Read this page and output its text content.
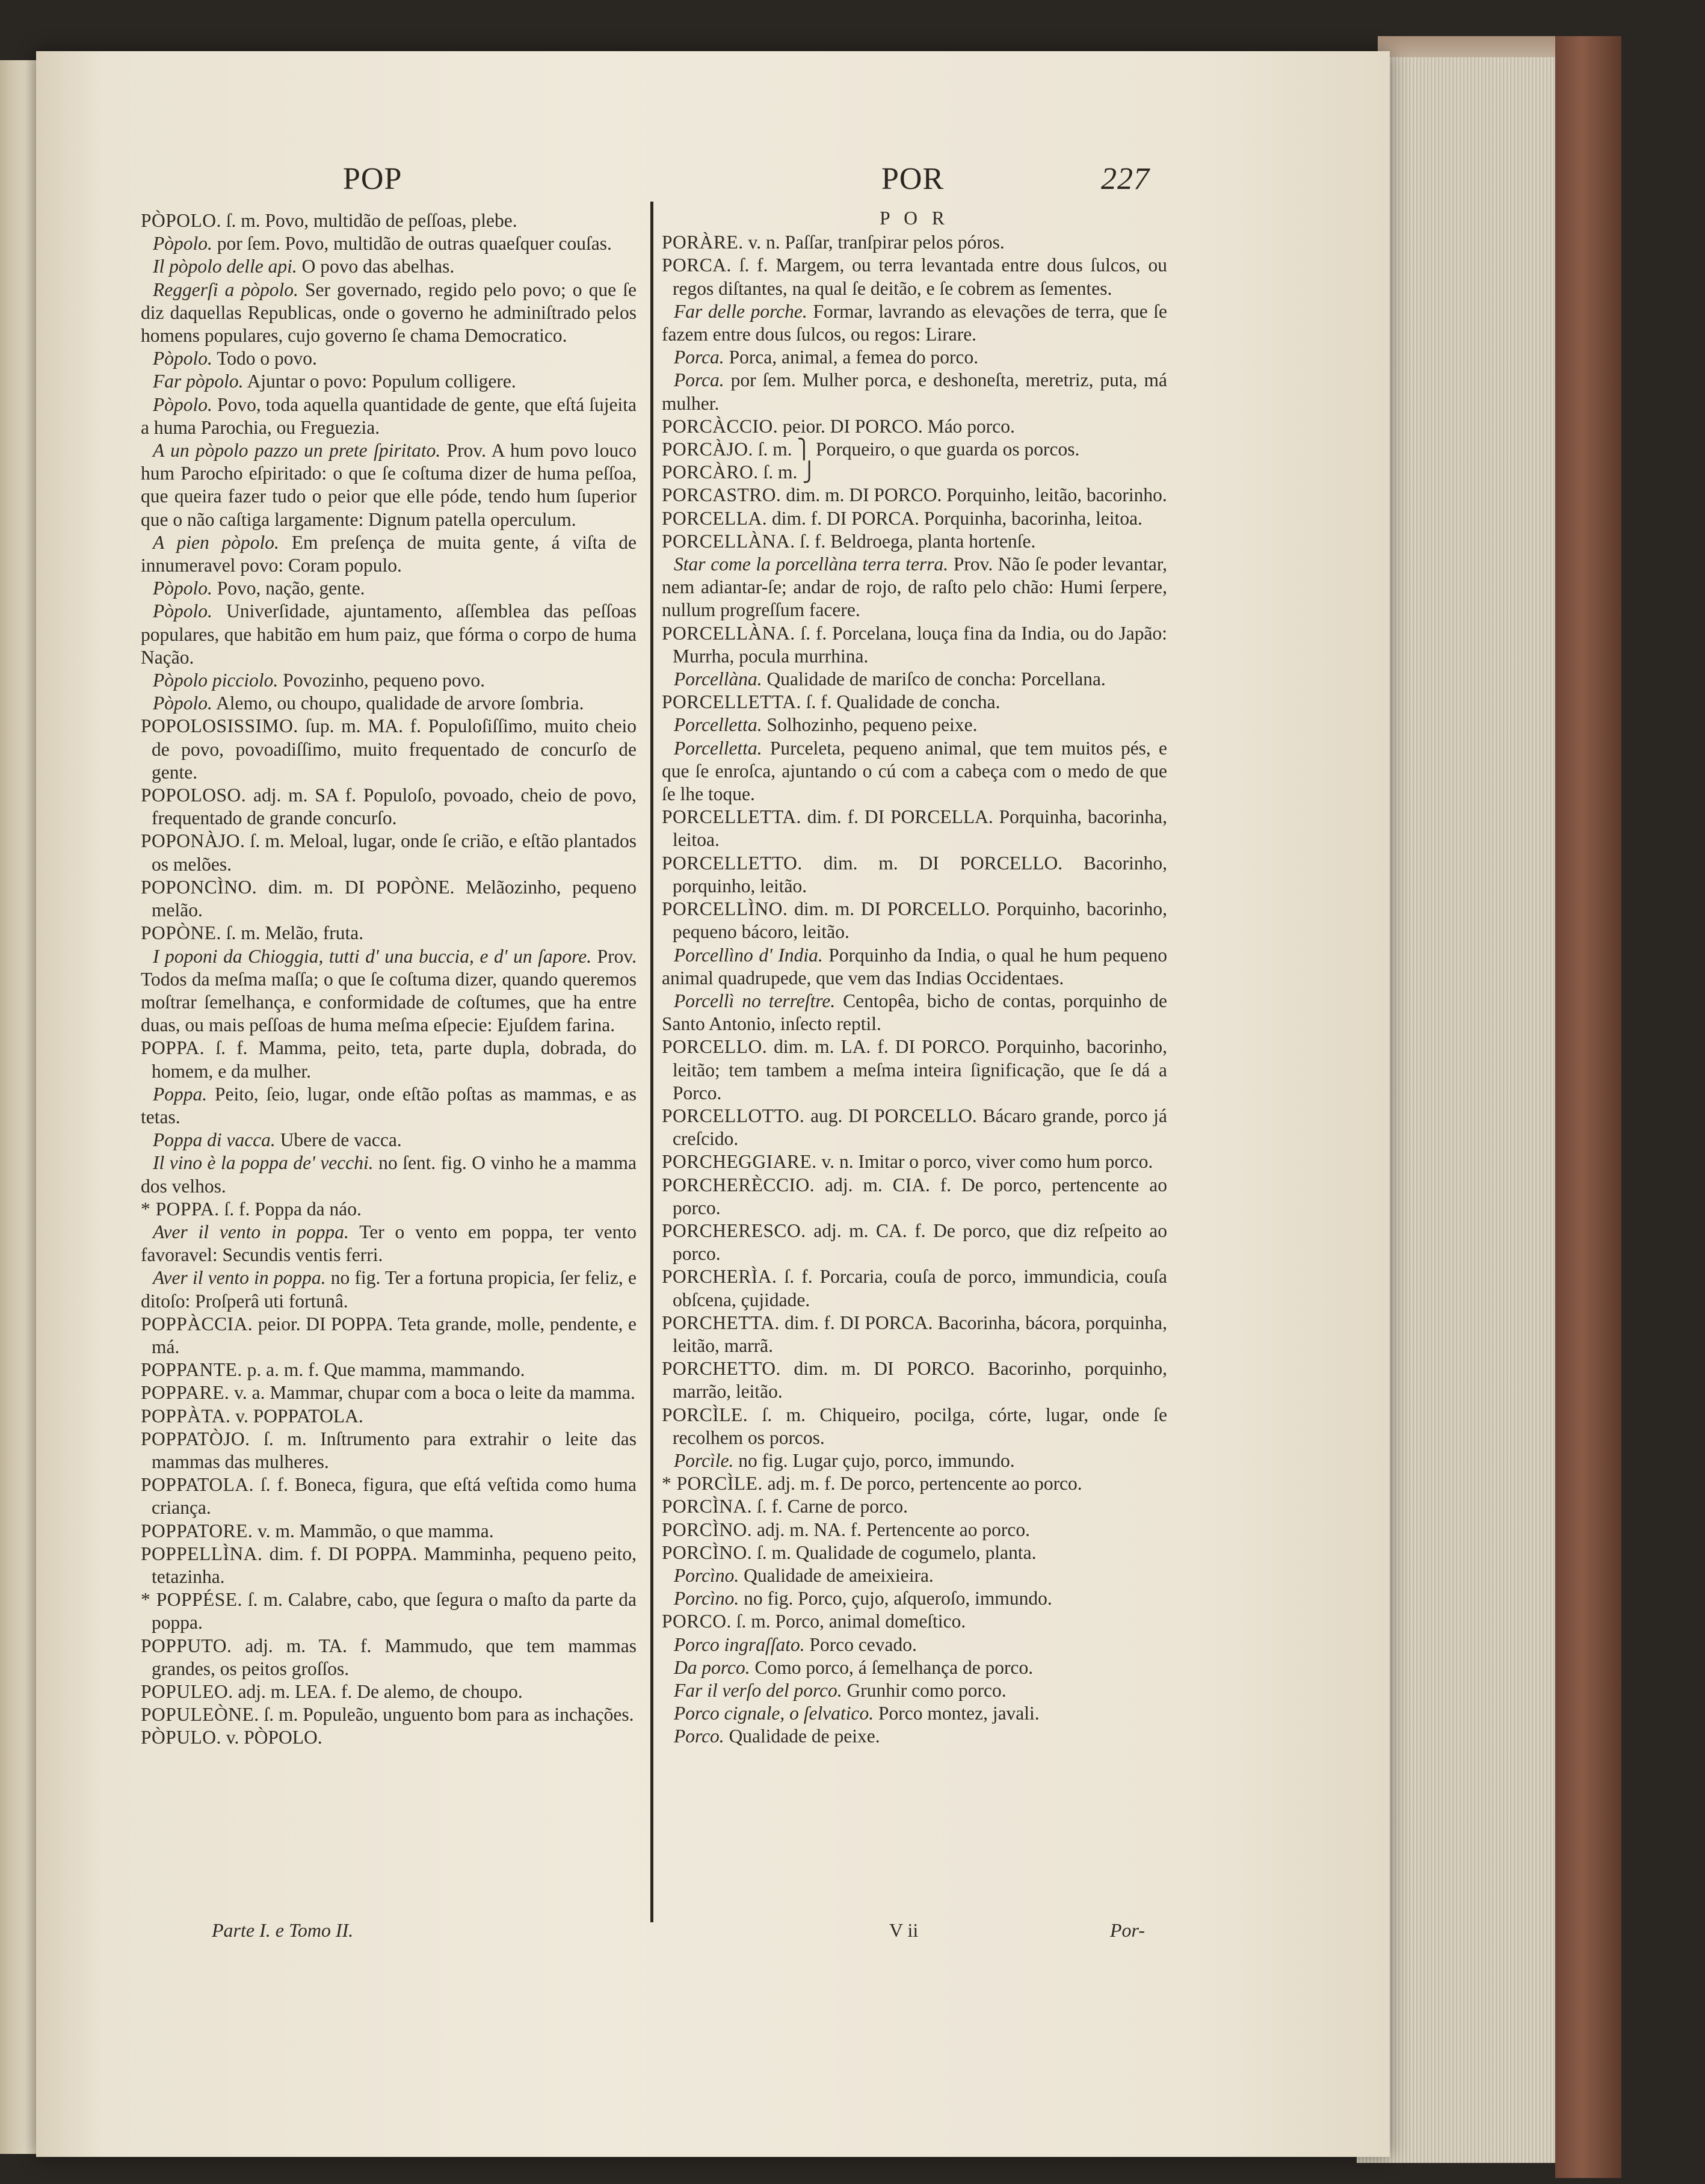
POP	POR	227

PÒPOLO. ſ. m. Povo, multidão de peſſoas, plebe.

Pòpolo. por ſem. Povo, multidão de outras quaeſquer couſas.

Il pòpolo delle api. O povo das abelhas.

Reggerſi a pòpolo. Ser governado, regido pelo povo; o que ſe diz daquellas Republicas, onde o governo he adminiſtrado pelos homens populares, cujo governo ſe chama Democratico.

Pòpolo. Todo o povo.

Far pòpolo. Ajuntar o povo: Populum colligere.

Pòpolo. Povo, toda aquella quantidade de gente, que eſtá ſujeita a huma Parochia, ou Freguezia.

A un pòpolo pazzo un prete ſpiritato. Prov. A hum povo louco hum Parocho eſpiritado: o que ſe coſtuma dizer de huma peſſoa, que queira fazer tudo o peior que elle póde, tendo hum ſuperior que o não caſtiga largamente: Dignum patella operculum.

A pien pòpolo. Em preſença de muita gente, á viſta de innumeravel povo: Coram populo.

Pòpolo. Povo, nação, gente.

Pòpolo. Univerſidade, ajuntamento, aſſemblea das peſſoas populares, que habitão em hum paiz, que fórma o corpo de huma Nação.

Pòpolo picciolo. Povozinho, pequeno povo.

Pòpolo. Alemo, ou choupo, qualidade de arvore ſombria.

POPOLOSISSIMO. ſup. m. MA. f. Populoſiſſimo, muito cheio de povo, povoadiſſimo, muito frequentado de concurſo de gente.

POPOLOSO. adj. m. SA f. Populoſo, povoado, cheio de povo, frequentado de grande concurſo.

POPONÀJO. ſ. m. Meloal, lugar, onde ſe crião, e eſtão plantados os melões.

POPONCÌNO. dim. m. DI POPÒNE. Melãozinho, pequeno melão.

POPÒNE. ſ. m. Melão, fruta.

I poponi da Chioggia, tutti d' una buccia, e d' un ſapore. Prov. Todos da meſma maſſa; o que ſe coſtuma dizer, quando queremos moſtrar ſemelhança, e conformidade de coſtumes, que ha entre duas, ou mais peſſoas de huma meſma eſpecie: Ejuſdem farina.

POPPA. ſ. f. Mamma, peito, teta, parte dupla, dobrada, do homem, e da mulher.

Poppa. Peito, ſeio, lugar, onde eſtão poſtas as mammas, e as tetas.

Poppa di vacca. Ubere de vacca.

Il vino è la poppa de' vecchi. no ſent. fig. O vinho he a mamma dos velhos.

* POPPA. ſ. f. Poppa da náo.

Aver il vento in poppa. Ter o vento em poppa, ter vento favoravel: Secundis ventis ferri.

Aver il vento in poppa. no fig. Ter a fortuna propicia, ſer feliz, e ditoſo: Proſperâ uti fortunâ.

POPPÀCCIA. peior. DI POPPA. Teta grande, molle, pendente, e má.

POPPANTE. p. a. m. f. Que mamma, mammando.

POPPARE. v. a. Mammar, chupar com a boca o leite da mamma.

POPPÀTA. v. POPPATOLA.

POPPATÒJO. ſ. m. Inſtrumento para extrahir o leite das mammas das mulheres.

POPPATOLA. ſ. f. Boneca, figura, que eſtá veſtida como huma criança.

POPPATORE. v. m. Mammão, o que mamma.

POPPELLÌNA. dim. f. DI POPPA. Mamminha, pequeno peito, tetazinha.

* POPPÉSE. ſ. m. Calabre, cabo, que ſegura o maſto da parte da poppa.

POPPUTO. adj. m. TA. f. Mammudo, que tem mammas grandes, os peitos groſſos.

POPULEO. adj. m. LEA. f. De alemo, de choupo.

POPULEÒNE. ſ. m. Populeão, unguento bom para as inchações.

PÒPULO. v. PÒPOLO.

P O R

PORÀRE. v. n. Paſſar, tranſpirar pelos póros.

PORCA. ſ. f. Margem, ou terra levantada entre dous ſulcos, ou regos diſtantes, na qual ſe deitão, e ſe cobrem as ſementes.

Far delle porche. Formar, lavrando as elevações de terra, que ſe fazem entre dous ſulcos, ou regos: Lirare.

Porca. Porca, animal, a femea do porco.

Porca. por ſem. Mulher porca, e deshoneſta, meretriz, puta, má mulher.

PORCÀCCIO. peior. DI PORCO. Máo porco.

PORCÀJO. ſ. m. ⎫ Porqueiro, o que guarda os porcos.

PORCÀRO. ſ. m. ⎭

PORCASTRO. dim. m. DI PORCO. Porquinho, leitão, bacorinho.

PORCELLA. dim. f. DI PORCA. Porquinha, bacorinha, leitoa.

PORCELLÀNA. ſ. f. Beldroega, planta hortenſe.

Star come la porcellàna terra terra. Prov. Não ſe poder levantar, nem adiantar-ſe; andar de rojo, de raſto pelo chão: Humi ſerpere, nullum progreſſum facere.

PORCELLÀNA. ſ. f. Porcelana, louça fina da India, ou do Japão: Murrha, pocula murrhina.

Porcellàna. Qualidade de mariſco de concha: Porcellana.

PORCELLETTA. ſ. f. Qualidade de concha.

Porcelletta. Solhozinho, pequeno peixe.

Porcelletta. Purceleta, pequeno animal, que tem muitos pés, e que ſe enroſca, ajuntando o cú com a cabeça com o medo de que ſe lhe toque.

PORCELLETTA. dim. f. DI PORCELLA. Porquinha, bacorinha, leitoa.

PORCELLETTO. dim. m. DI PORCELLO. Bacorinho, porquinho, leitão.

PORCELLÌNO. dim. m. DI PORCELLO. Porquinho, bacorinho, pequeno bácoro, leitão.

Porcellìno d' India. Porquinho da India, o qual he hum pequeno animal quadrupede, que vem das Indias Occidentaes.

Porcellì no terreſtre. Centopêa, bicho de contas, porquinho de Santo Antonio, inſecto reptil.

PORCELLO. dim. m. LA. f. DI PORCO. Porquinho, bacorinho, leitão; tem tambem a meſma inteira ſignificação, que ſe dá a Porco.

PORCELLOTTO. aug. DI PORCELLO. Bácaro grande, porco já creſcido.

PORCHEGGIARE. v. n. Imitar o porco, viver como hum porco.

PORCHERÈCCIO. adj. m. CIA. f. De porco, pertencente ao porco.

PORCHERESCO. adj. m. CA. f. De porco, que diz reſpeito ao porco.

PORCHERÌA. ſ. f. Porcaria, couſa de porco, immundicia, couſa obſcena, çujidade.

PORCHETTA. dim. f. DI PORCA. Bacorinha, bácora, porquinha, leitão, marrã.

PORCHETTO. dim. m. DI PORCO. Bacorinho, porquinho, marrão, leitão.

PORCÌLE. ſ. m. Chiqueiro, pocilga, córte, lugar, onde ſe recolhem os porcos.

Porcìle. no fig. Lugar çujo, porco, immundo.

* PORCÌLE. adj. m. f. De porco, pertencente ao porco.

PORCÌNA. ſ. f. Carne de porco.

PORCÌNO. adj. m. NA. f. Pertencente ao porco.

PORCÌNO. ſ. m. Qualidade de cogumelo, planta.

Porcìno. Qualidade de ameixieira.

Porcìno. no fig. Porco, çujo, aſqueroſo, immundo.

PORCO. ſ. m. Porco, animal domeſtico.

Porco ingraſſato. Porco cevado.

Da porco. Como porco, á ſemelhança de porco.

Far il verſo del porco. Grunhir como porco.

Porco cignale, o ſelvatico. Porco montez, javali.

Porco. Qualidade de peixe.

Parte I. e Tomo II.	V ii	Por-
